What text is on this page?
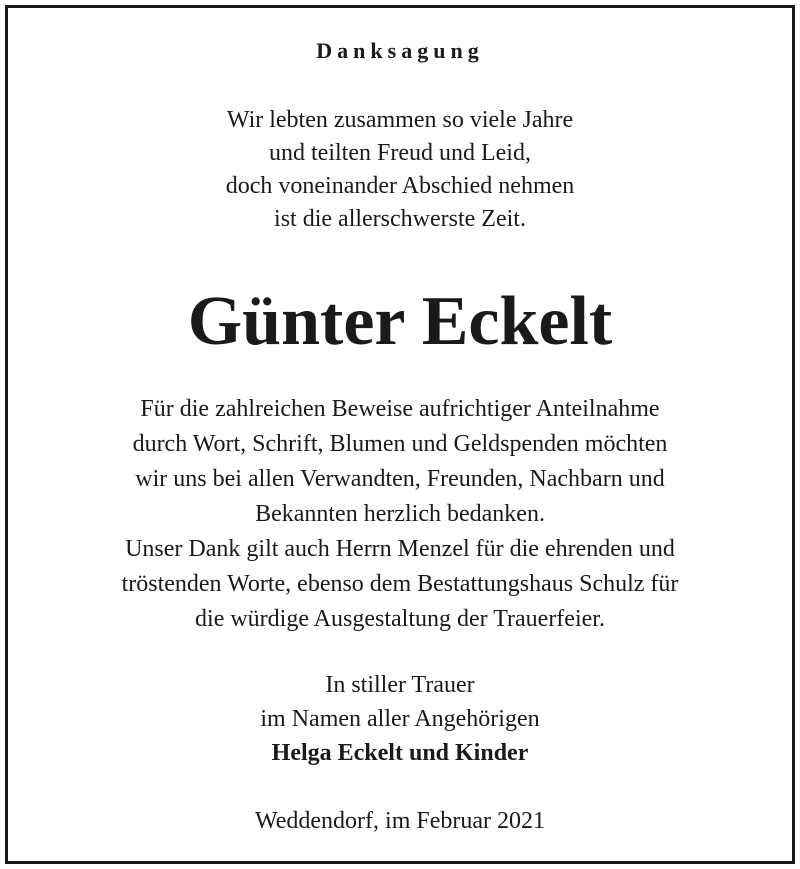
Danksagung
Wir lebten zusammen so viele Jahre
und teilten Freud und Leid,
doch voneinander Abschied nehmen
ist die allerschwerste Zeit.
Günter Eckelt
Für die zahlreichen Beweise aufrichtiger Anteilnahme
durch Wort, Schrift, Blumen und Geldspenden möchten
wir uns bei allen Verwandten, Freunden, Nachbarn und
Bekannten herzlich bedanken.
Unser Dank gilt auch Herrn Menzel für die ehrenden und
tröstenden Worte, ebenso dem Bestattungshaus Schulz für
die würdige Ausgestaltung der Trauerfeier.
In stiller Trauer
im Namen aller Angehörigen
Helga Eckelt und Kinder
Weddendorf, im Februar 2021
